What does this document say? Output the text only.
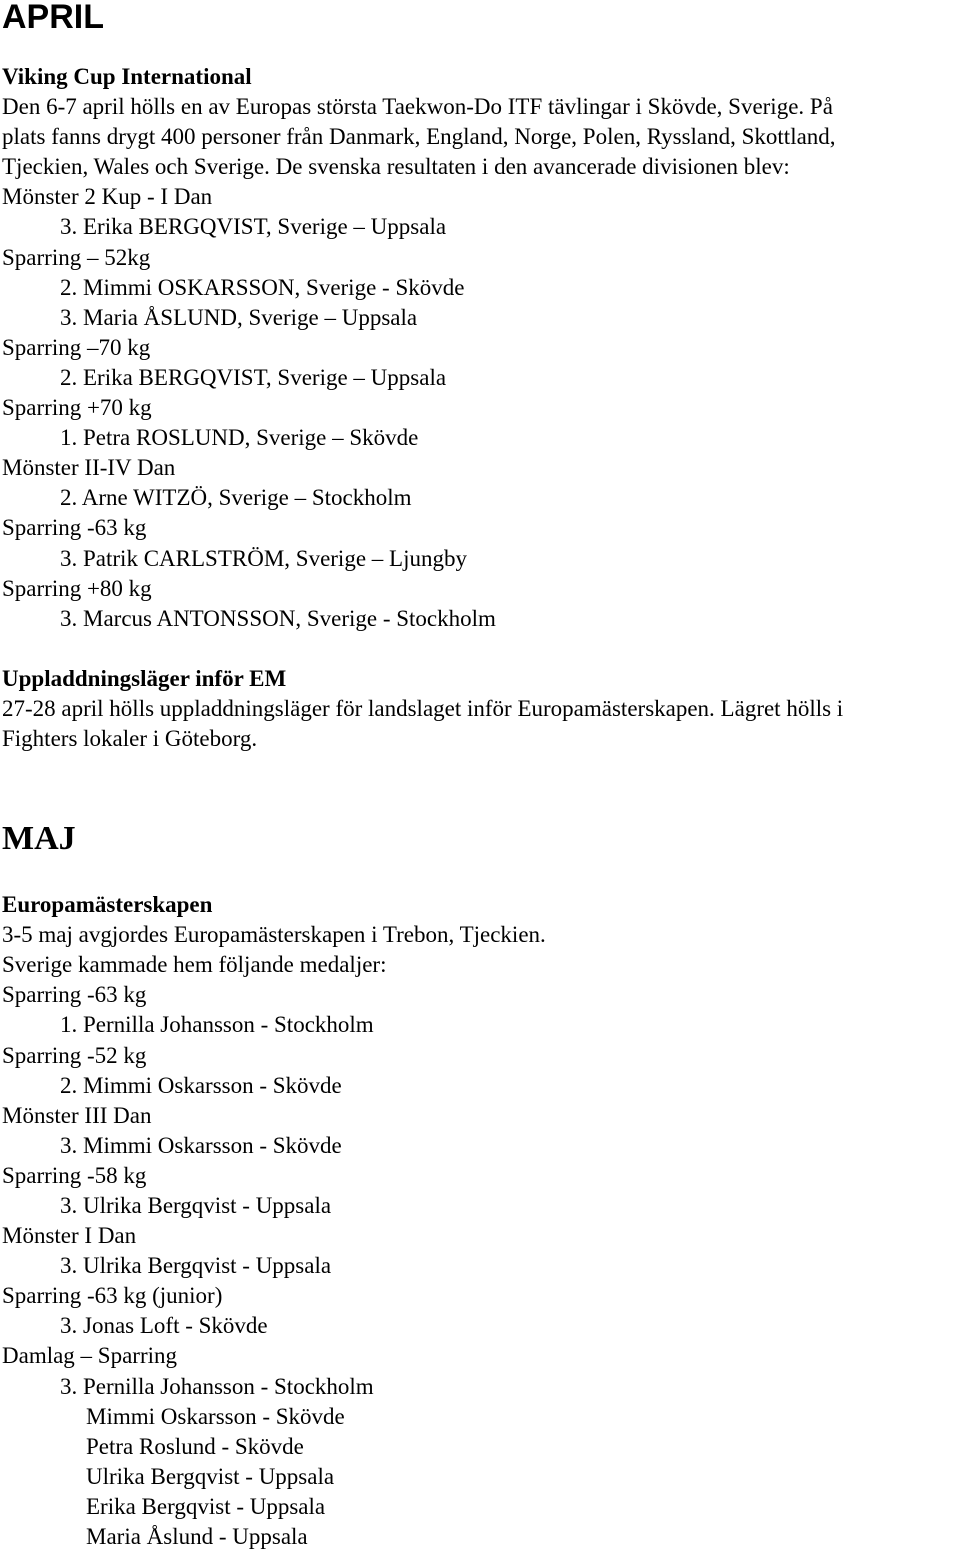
APRIL
Viking Cup International
Den 6-7 april hölls en av Europas största Taekwon-Do ITF tävlingar i Skövde, Sverige. På
plats fanns drygt 400 personer från Danmark, England, Norge, Polen, Ryssland, Skottland,
Tjeckien, Wales och Sverige. De svenska resultaten i den avancerade divisionen blev:
Mönster 2 Kup - I Dan
3. Erika BERGQVIST, Sverige – Uppsala
Sparring – 52kg
2. Mimmi OSKARSSON, Sverige - Skövde
3. Maria ÅSLUND, Sverige – Uppsala
Sparring –70 kg
2. Erika BERGQVIST, Sverige – Uppsala
Sparring +70 kg
1. Petra ROSLUND, Sverige – Skövde
Mönster II-IV Dan
2. Arne WITZÖ, Sverige – Stockholm
Sparring -63 kg
3. Patrik CARLSTRÖM, Sverige – Ljungby
Sparring +80 kg
3. Marcus ANTONSSON, Sverige - Stockholm
Uppladdningsläger inför EM
27-28 april hölls uppladdningsläger för landslaget inför Europamästerskapen. Lägret hölls i
Fighters lokaler i Göteborg.
MAJ
Europamästerskapen
3-5 maj avgjordes Europamästerskapen i Trebon, Tjeckien.
Sverige kammade hem följande medaljer:
Sparring -63 kg
1. Pernilla Johansson - Stockholm
Sparring -52 kg
2. Mimmi Oskarsson - Skövde
Mönster III Dan
3. Mimmi Oskarsson - Skövde
Sparring -58 kg
3. Ulrika Bergqvist - Uppsala
Mönster I Dan
3. Ulrika Bergqvist - Uppsala
Sparring -63 kg (junior)
3. Jonas Loft - Skövde
Damlag – Sparring
3. Pernilla Johansson - Stockholm
Mimmi Oskarsson - Skövde
Petra Roslund - Skövde
Ulrika Bergqvist - Uppsala
Erika Bergqvist - Uppsala
Maria Åslund - Uppsala
